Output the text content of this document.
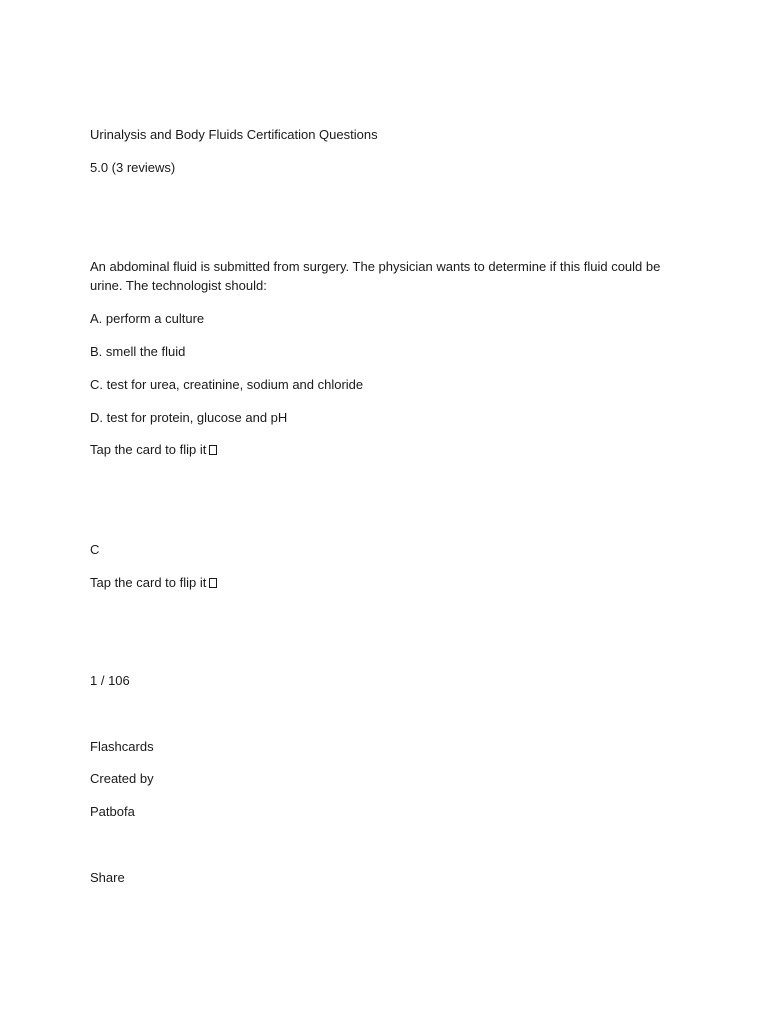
Urinalysis and Body Fluids Certification Questions
5.0 (3 reviews)
An abdominal fluid is submitted from surgery. The physician wants to determine if this fluid could be urine. The technologist should:
A. perform a culture
B. smell the fluid
C. test for urea, creatinine, sodium and chloride
D. test for protein, glucose and pH
Tap the card to flip it
C
Tap the card to flip it
1 / 106
Flashcards
Created by
Patbofa
Share
